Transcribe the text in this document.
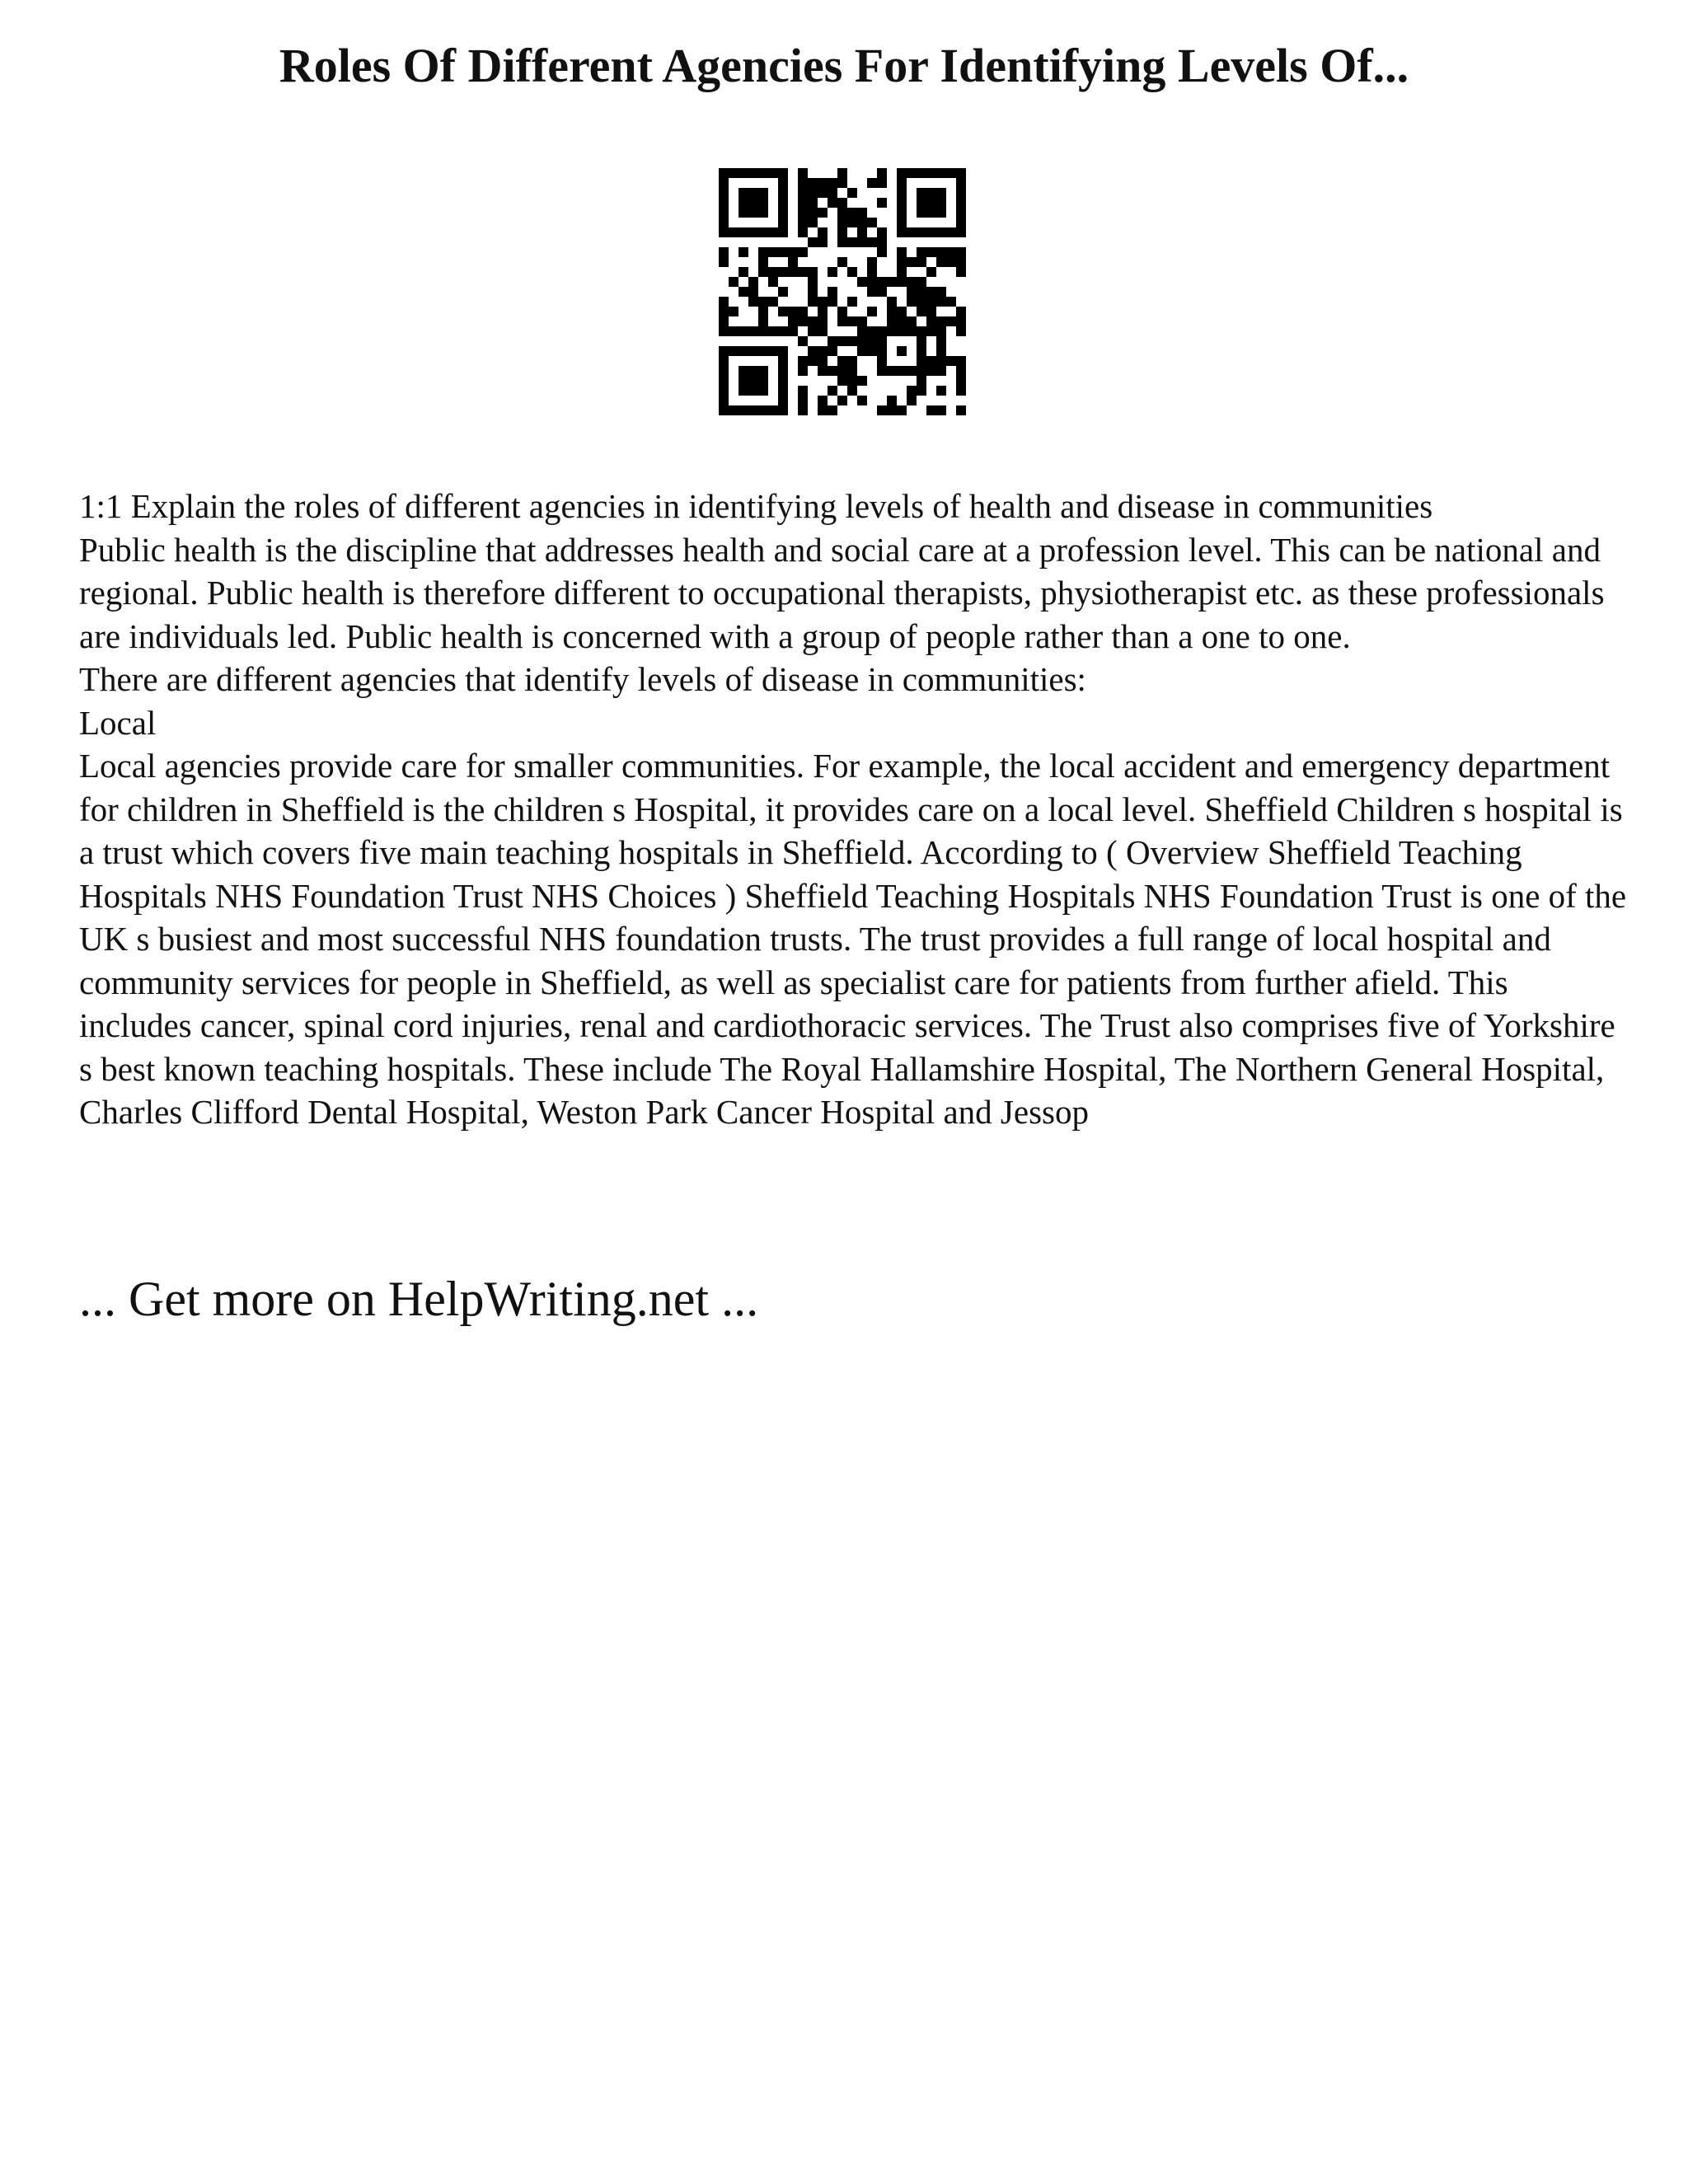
Roles Of Different Agencies For Identifying Levels Of...

1:1 Explain the roles of different agencies in identifying levels of health and disease in communities

Public health is the discipline that addresses health and social care at a profession level. This can be national and regional. Public health is therefore different to occupational therapists, physiotherapist etc. as these professionals are individuals led. Public health is concerned with a group of people rather than a one to one.

There are different agencies that identify levels of disease in communities:

Local

Local agencies provide care for smaller communities. For example, the local accident and emergency department for children in Sheffield is the children s Hospital, it provides care on a local level. Sheffield Children s hospital is a trust which covers five main teaching hospitals in Sheffield. According to ( Overview Sheffield Teaching Hospitals NHS Foundation Trust NHS Choices ) Sheffield Teaching Hospitals NHS Foundation Trust is one of the UK s busiest and most successful NHS foundation trusts. The trust provides a full range of local hospital and community services for people in Sheffield, as well as specialist care for patients from further afield. This includes cancer, spinal cord injuries, renal and cardiothoracic services. The Trust also comprises five of Yorkshire s best known teaching hospitals. These include The Royal Hallamshire Hospital, The Northern General Hospital, Charles Clifford Dental Hospital, Weston Park Cancer Hospital and Jessop

... Get more on HelpWriting.net ...
